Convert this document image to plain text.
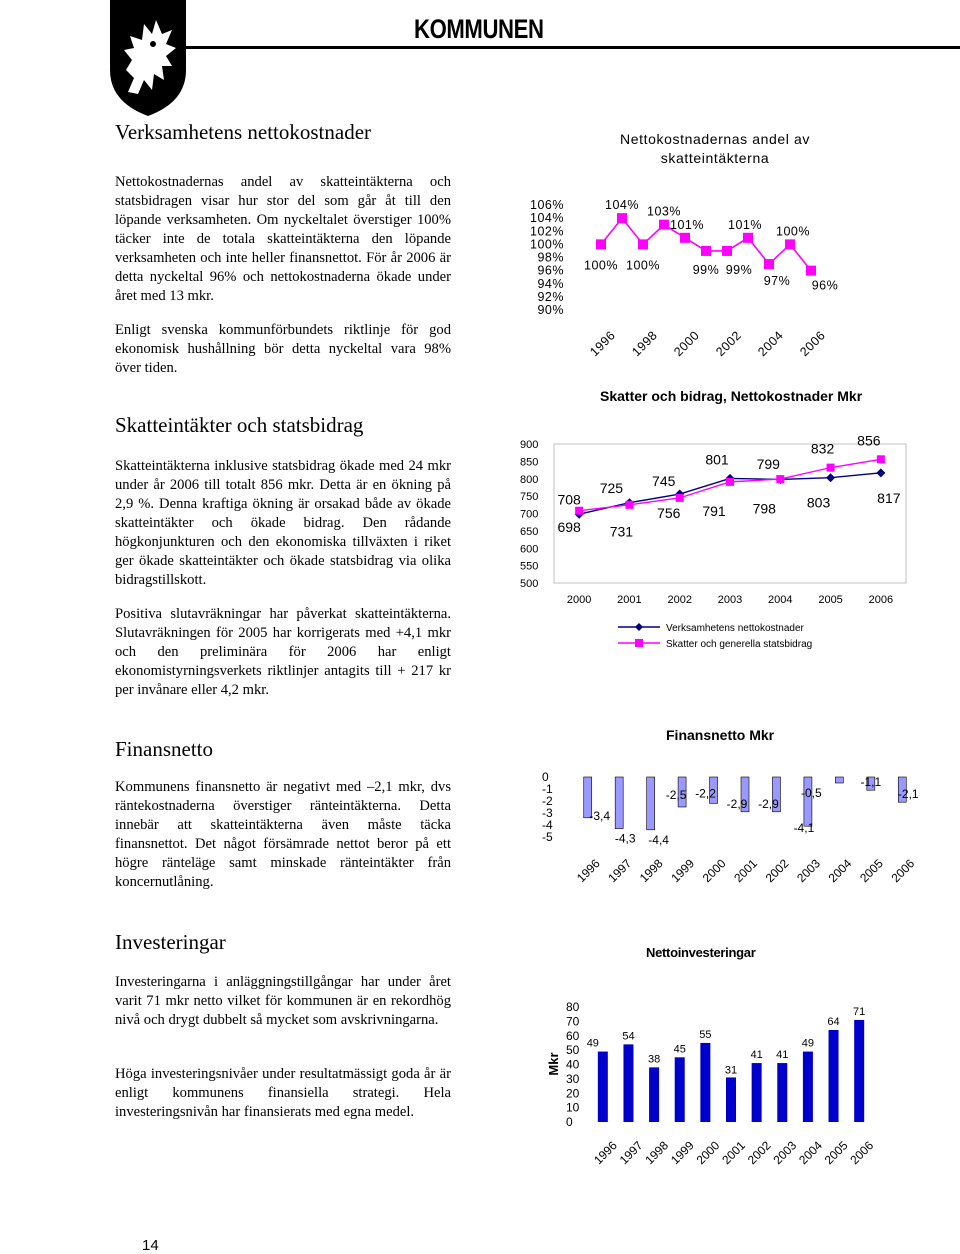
KOMMUNEN
Verksamhetens nettokostnader
Nettokostnadernas andel av skatteintäkterna och statsbidragen visar hur stor del som går åt till den löpande verksamheten. Om nyckeltalet överstiger 100% täcker inte de totala skatteintäkterna den löpande verksamheten och inte heller finansnettot. För år 2006 är detta nyckeltal 96% och nettokostnaderna ökade under året med 13 mkr.
Enligt svenska kommunförbundets riktlinje för god ekonomisk hushållning bör detta nyckeltal vara 98% över tiden.
Skatteintäkter och statsbidrag
Skatteintäkterna inklusive statsbidrag ökade med 24 mkr under år 2006 till totalt 856 mkr. Detta är en ökning på 2,9 %. Denna kraftiga ökning är orsakad både av ökade skatteintäkter och ökade bidrag. Den rådande högkonjunkturen och den ekonomiska tillväxten i riket ger ökade skatteintäkter och ökade statsbidrag via olika bidragstillskott.
Positiva slutavräkningar har påverkat skatteintäkterna. Slutavräkningen för 2005 har korrigerats med +4,1 mkr och den preliminära för 2006 har enligt ekonomistyrningsverkets riktlinjer antagits till + 217 kr per invånare eller 4,2 mkr.
Finansnetto
Kommunens finansnetto är negativt med –2,1 mkr, dvs räntekostnaderna överstiger ränteintäkterna. Detta innebär att skatteintäkterna även måste täcka finansnettot. Det något försämrade nettot beror på ett högre ränteläge samt minskade ränteintäkter från koncernutlåning.
Investeringar
Investeringarna i anläggningstillgångar har under året varit 71 mkr netto vilket för kommunen är en rekordhög nivå och drygt dubbelt så mycket som avskrivningarna.
Höga investeringsnivåer under resultatmässigt goda år är enligt kommunens finansiella strategi. Hela investeringsnivån har finansierats med egna medel.
Nettokostnadernas andel av skatteintäkterna
106%
104%
102%
100%
98%
96%
94%
92%
90%
100%
104%
100%
103%
101%
99% 99%
101%
97%
100%
96%
1996 1998 2000 2002 2004 2006
Skatter och bidrag, Nettokostnader Mkr
900
850
800
750
700
650
600
550
500
2000 2001 2002 2003 2004 2005 2006
698 731
756
801
798 803	817
708
725 745
791
799
832
856
Verksamhetens nettokostnader
Skatter och generella statsbidrag
Finansnetto Mkr
0
-1
-2
-3
-4
-5
-3,4
-4,3 -4,4
-2,5 -2,2
-2,9 -2,9
-4,1
-0,5
-1,1
-2,1
1996 1997 1998 1999 2000 2001 2002 2003 2004 2005 2006
Nettoinvesteringar
Mkr
80
70
60
50
40
30
20
10
0
49
54
38
45
55
31
41 41
49
64
71
1996
1997
1998
1999
2000
2001
2002
2003
2004
2005
2006
14
